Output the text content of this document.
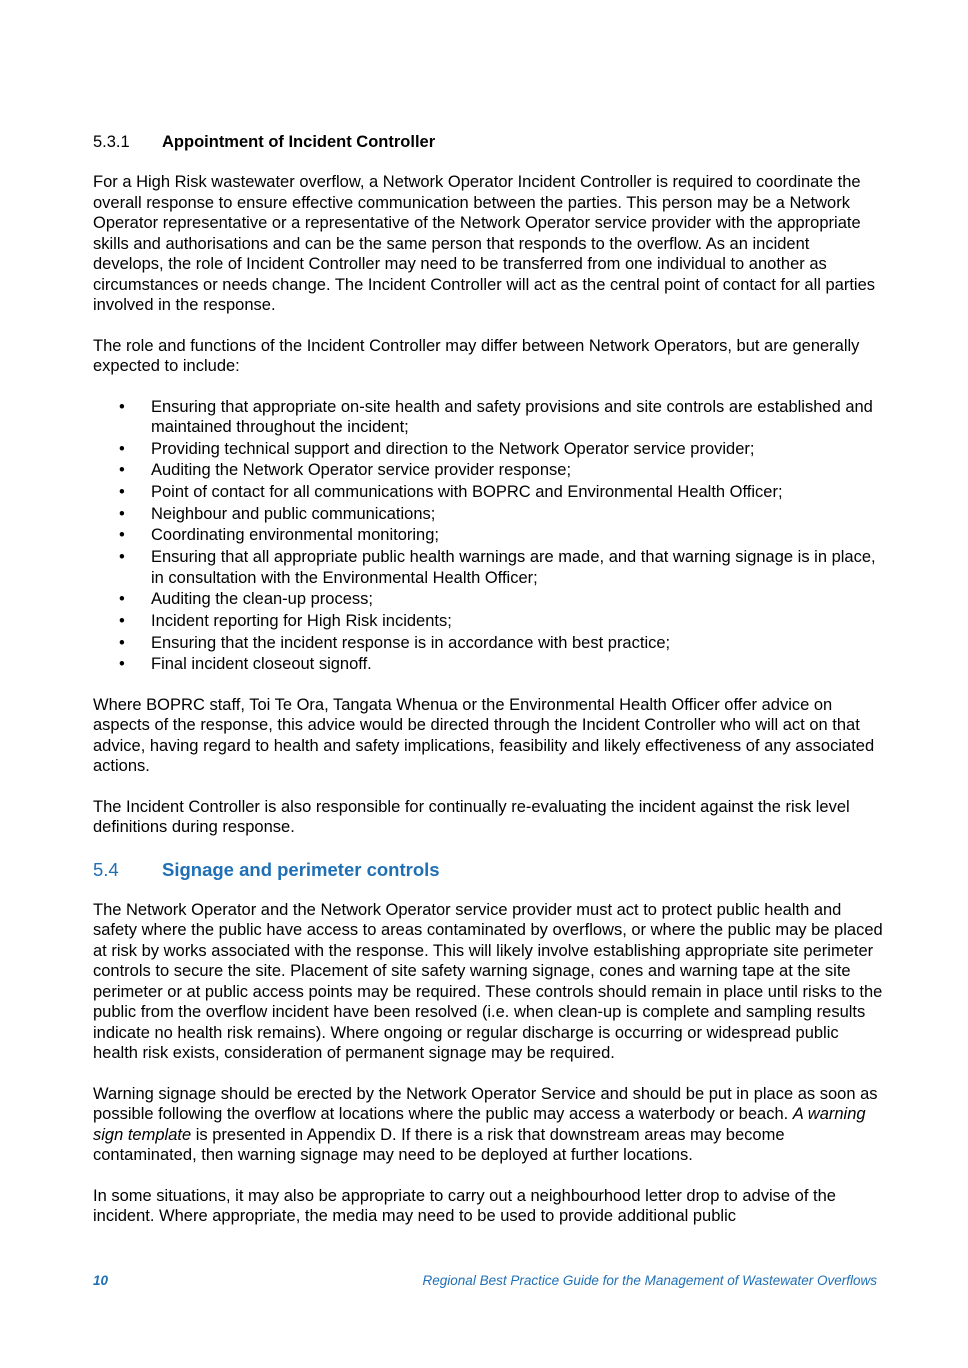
5.3.1	Appointment of Incident Controller

For a High Risk wastewater overflow, a Network Operator Incident Controller is required to coordinate the overall response to ensure effective communication between the parties. This person may be a Network Operator representative or a representative of the Network Operator service provider with the appropriate skills and authorisations and can be the same person that responds to the overflow. As an incident develops, the role of Incident Controller may need to be transferred from one individual to another as circumstances or needs change. The Incident Controller will act as the central point of contact for all parties involved in the response.

The role and functions of the Incident Controller may differ between Network Operators, but are generally expected to include:

• Ensuring that appropriate on-site health and safety provisions and site controls are established and maintained throughout the incident;
• Providing technical support and direction to the Network Operator service provider;
• Auditing the Network Operator service provider response;
• Point of contact for all communications with BOPRC and Environmental Health Officer;
• Neighbour and public communications;
• Coordinating environmental monitoring;
• Ensuring that all appropriate public health warnings are made, and that warning signage is in place, in consultation with the Environmental Health Officer;
• Auditing the clean-up process;
• Incident reporting for High Risk incidents;
• Ensuring that the incident response is in accordance with best practice;
• Final incident closeout signoff.

Where BOPRC staff, Toi Te Ora, Tangata Whenua or the Environmental Health Officer offer advice on aspects of the response, this advice would be directed through the Incident Controller who will act on that advice, having regard to health and safety implications, feasibility and likely effectiveness of any associated actions.

The Incident Controller is also responsible for continually re-evaluating the incident against the risk level definitions during response.

5.4	Signage and perimeter controls

The Network Operator and the Network Operator service provider must act to protect public health and safety where the public have access to areas contaminated by overflows, or where the public may be placed at risk by works associated with the response. This will likely involve establishing appropriate site perimeter controls to secure the site. Placement of site safety warning signage, cones and warning tape at the site perimeter or at public access points may be required. These controls should remain in place until risks to the public from the overflow incident have been resolved (i.e. when clean-up is complete and sampling results indicate no health risk remains). Where ongoing or regular discharge is occurring or widespread public health risk exists, consideration of permanent signage may be required.

Warning signage should be erected by the Network Operator Service and should be put in place as soon as possible following the overflow at locations where the public may access a waterbody or beach. A warning sign template is presented in Appendix D. If there is a risk that downstream areas may become contaminated, then warning signage may need to be deployed at further locations.

In some situations, it may also be appropriate to carry out a neighbourhood letter drop to advise of the incident. Where appropriate, the media may need to be used to provide additional public

10	Regional Best Practice Guide for the Management of Wastewater Overflows
